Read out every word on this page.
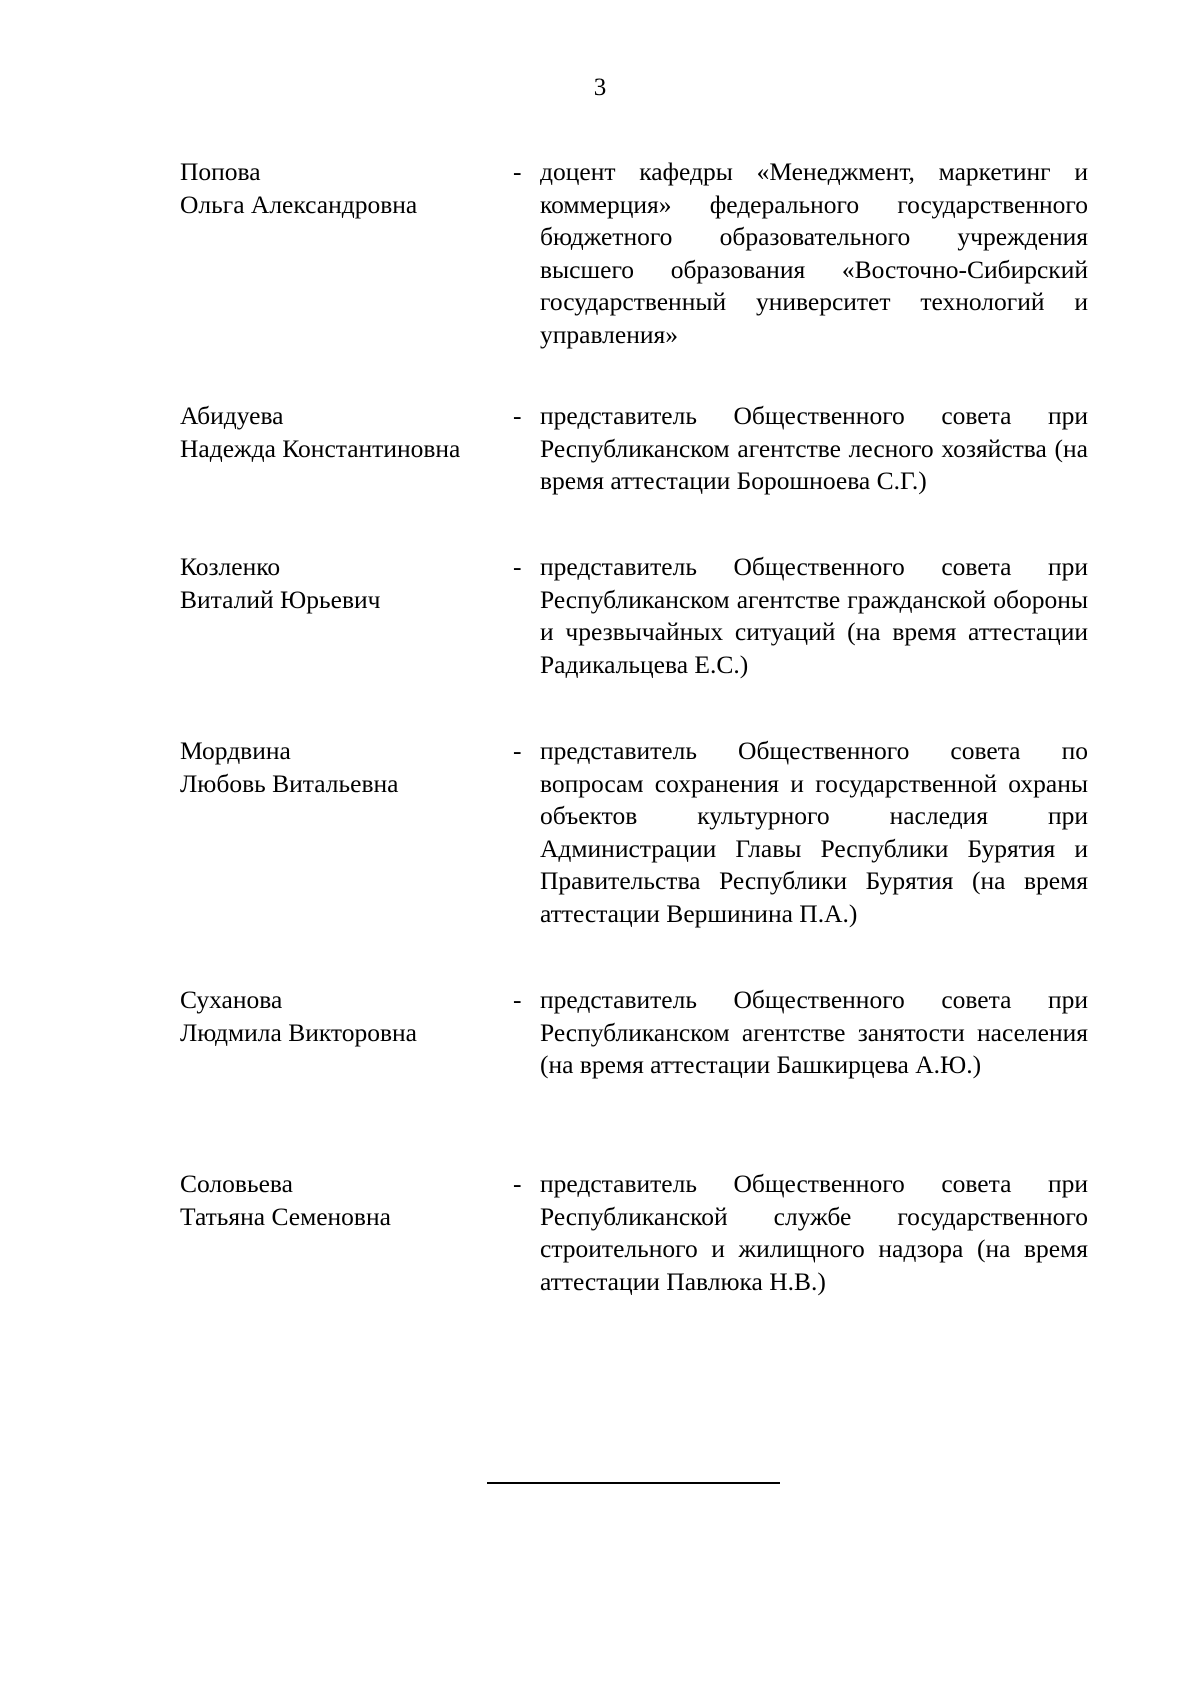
3
Попова
Ольга Александровна
- доцент кафедры «Менеджмент, маркетинг и коммерция» федерального государственного бюджетного образовательного учреждения высшего образования «Восточно-Сибирский государственный университет технологий и управления»
Абидуева
Надежда Константиновна
- представитель Общественного совета при Республиканском агентстве лесного хозяйства (на время аттестации Борошноева С.Г.)
Козленко
Виталий Юрьевич
- представитель Общественного совета при Республиканском агентстве гражданской обороны и чрезвычайных ситуаций (на время аттестации Радикальцева Е.С.)
Мордвина
Любовь Витальевна
- представитель Общественного совета по вопросам сохранения и государственной охраны объектов культурного наследия при Администрации Главы Республики Бурятия и Правительства Республики Бурятия (на время аттестации Вершинина П.А.)
Суханова
Людмила Викторовна
- представитель Общественного совета при Республиканском агентстве занятости населения (на время аттестации Башкирцева А.Ю.)
Соловьева
Татьяна Семеновна
- представитель Общественного совета при Республиканской службе государственного строительного и жилищного надзора (на время аттестации Павлюка Н.В.)
